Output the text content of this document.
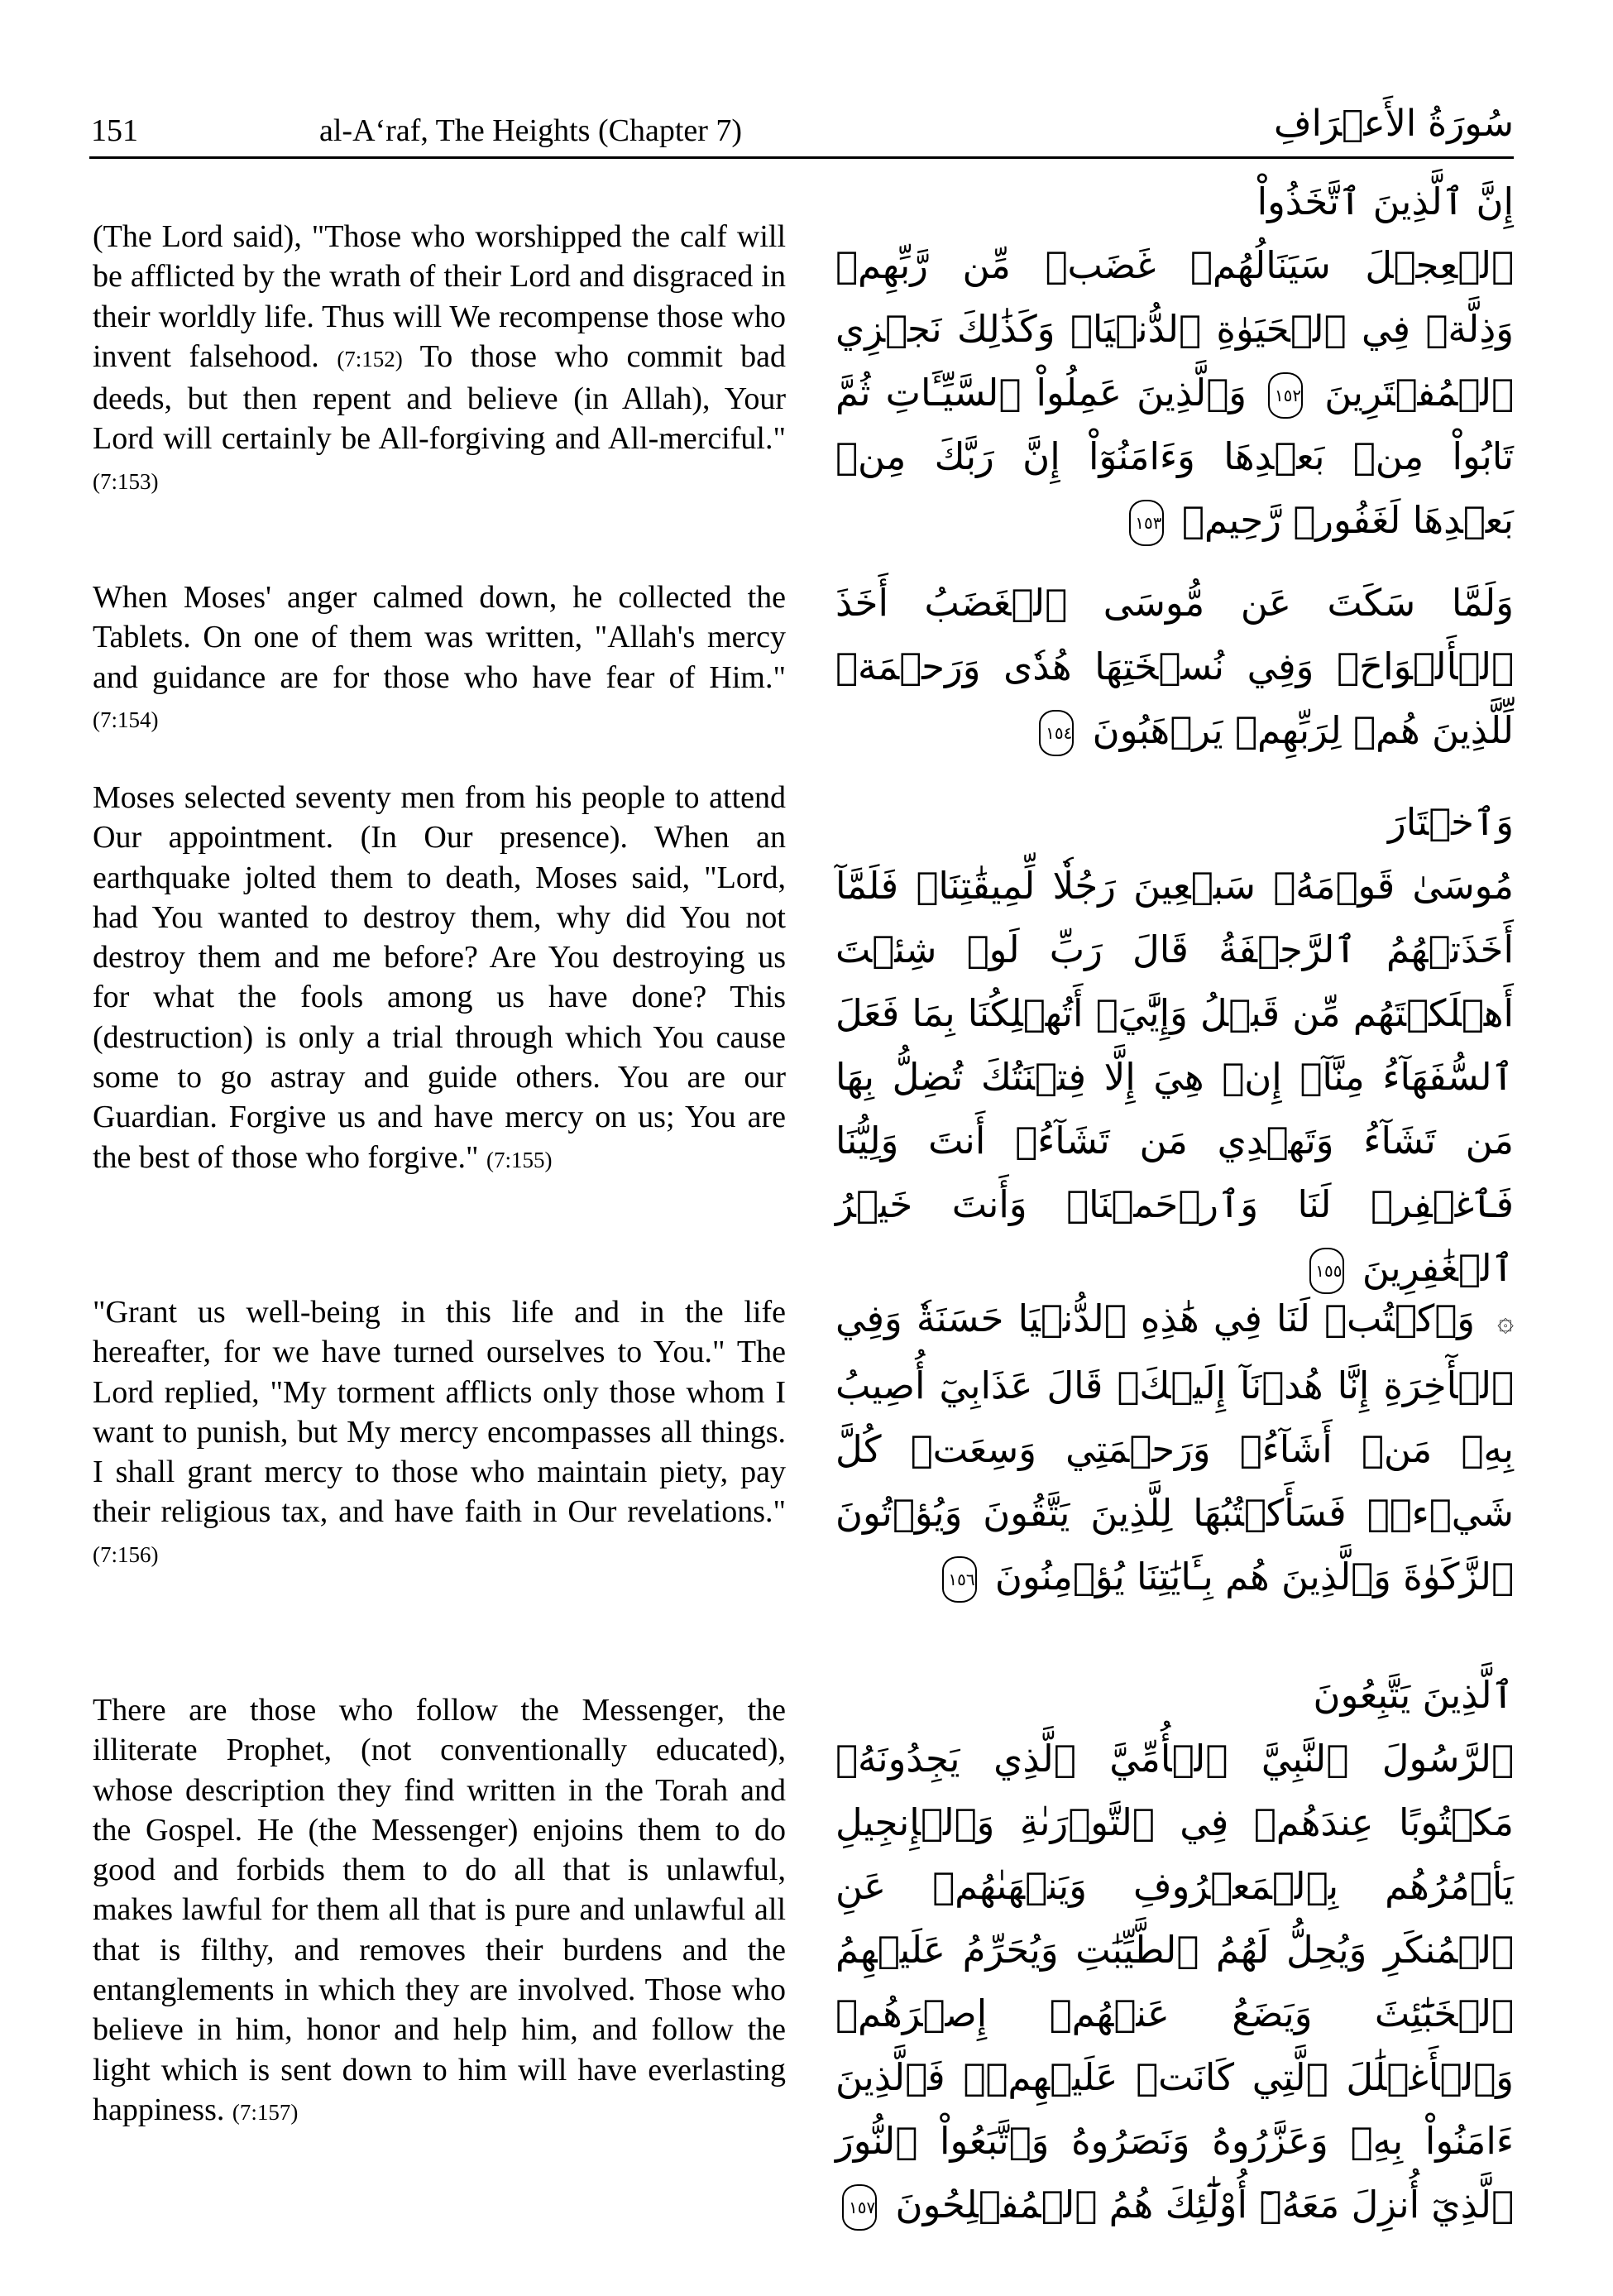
151	al-A‘raf, The Heights (Chapter 7)	سُورَةُ الأَعۡرَافِ
(The Lord said), "Those who worshipped the calf will be afflicted by the wrath of their Lord and disgraced in their worldly life. Thus will We recompense those who invent falsehood. (7:152) To those who commit bad deeds, but then repent and believe (in Allah), Your Lord will certainly be All-forgiving and All-merciful." (7:153)
إِنَّ ٱلَّذِينَ ٱتَّخَذُواْ
ٱلۡعِجۡلَ سَيَنَالُهُمۡ غَضَبٞ مِّن رَّبِّهِمۡ وَذِلَّةٞ فِي ٱلۡحَيَوٰةِ ٱلدُّنۡيَاۚ وَكَذَٰلِكَ نَجۡزِي ٱلۡمُفۡتَرِينَ ١٥٢ وَٱلَّذِينَ عَمِلُواْ ٱلسَّيِّـَٔاتِ ثُمَّ تَابُواْ مِنۢ بَعۡدِهَا وَءَامَنُوٓاْ إِنَّ رَبَّكَ مِنۢ بَعۡدِهَا لَغَفُورٞ رَّحِيمٞ ١٥٣
When Moses' anger calmed down, he collected the Tablets. On one of them was written, "Allah's mercy and guidance are for those who have fear of Him." (7:154)
وَلَمَّا سَكَتَ عَن مُّوسَى ٱلۡغَضَبُ أَخَذَ ٱلۡأَلۡوَاحَۖ وَفِي نُسۡخَتِهَا هُدٗى وَرَحۡمَةٞ لِّلَّذِينَ هُمۡ لِرَبِّهِمۡ يَرۡهَبُونَ ١٥٤
Moses selected seventy men from his people to attend Our appointment. (In Our presence). When an earthquake jolted them to death, Moses said, "Lord, had You wanted to destroy them, why did You not destroy them and me before? Are You destroying us for what the fools among us have done? This (destruction) is only a trial through which You cause some to go astray and guide others. You are our Guardian. Forgive us and have mercy on us; You are the best of those who forgive." (7:155)
وَٱخۡتَارَ
مُوسَىٰ قَوۡمَهُۥ سَبۡعِينَ رَجُلٗا لِّمِيقَٰتِنَاۖ فَلَمَّآ أَخَذَتۡهُمُ ٱلرَّجۡفَةُ قَالَ رَبِّ لَوۡ شِئۡتَ أَهۡلَكۡتَهُم مِّن قَبۡلُ وَإِيَّٰيَۖ أَتُهۡلِكُنَا بِمَا فَعَلَ ٱلسُّفَهَآءُ مِنَّآۖ إِنۡ هِيَ إِلَّا فِتۡنَتُكَ تُضِلُّ بِهَا مَن تَشَآءُ وَتَهۡدِي مَن تَشَآءُۖ أَنتَ وَلِيُّنَا فَٱغۡفِرۡ لَنَا وَٱرۡحَمۡنَاۖ وَأَنتَ خَيۡرُ ٱلۡغَٰفِرِينَ ١٥٥
"Grant us well-being in this life and in the life hereafter, for we have turned ourselves to You." The Lord replied, "My torment afflicts only those whom I want to punish, but My mercy encompasses all things. I shall grant mercy to those who maintain piety, pay their religious tax, and have faith in Our revelations." (7:156)
۞ وَٱكۡتُبۡ لَنَا فِي هَٰذِهِ ٱلدُّنۡيَا حَسَنَةٗ وَفِي ٱلۡأٓخِرَةِ إِنَّا هُدۡنَآ إِلَيۡكَۚ قَالَ عَذَابِيٓ أُصِيبُ بِهِۦ مَنۡ أَشَآءُۖ وَرَحۡمَتِي وَسِعَتۡ كُلَّ شَيۡءٖۚ فَسَأَكۡتُبُهَا لِلَّذِينَ يَتَّقُونَ وَيُؤۡتُونَ ٱلزَّكَوٰةَ وَٱلَّذِينَ هُم بِـَٔايَٰتِنَا يُؤۡمِنُونَ ١٥٦
There are those who follow the Messenger, the illiterate Prophet, (not conventionally educated), whose description they find written in the Torah and the Gospel. He (the Messenger) enjoins them to do good and forbids them to do all that is unlawful, makes lawful for them all that is pure and unlawful all that is filthy, and removes their burdens and the entanglements in which they are involved. Those who believe in him, honor and help him, and follow the light which is sent down to him will have everlasting happiness. (7:157)
ٱلَّذِينَ يَتَّبِعُونَ
ٱلرَّسُولَ ٱلنَّبِيَّ ٱلۡأُمِّيَّ ٱلَّذِي يَجِدُونَهُۥ مَكۡتُوبًا عِندَهُمۡ فِي ٱلتَّوۡرَىٰةِ وَٱلۡإِنجِيلِ يَأۡمُرُهُم بِٱلۡمَعۡرُوفِ وَيَنۡهَىٰهُمۡ عَنِ ٱلۡمُنكَرِ وَيُحِلُّ لَهُمُ ٱلطَّيِّبَٰتِ وَيُحَرِّمُ عَلَيۡهِمُ ٱلۡخَبَٰٓئِثَ وَيَضَعُ عَنۡهُمۡ إِصۡرَهُمۡ وَٱلۡأَغۡلَٰلَ ٱلَّتِي كَانَتۡ عَلَيۡهِمۡۚ فَٱلَّذِينَ ءَامَنُواْ بِهِۦ وَعَزَّرُوهُ وَنَصَرُوهُ وَٱتَّبَعُواْ ٱلنُّورَ ٱلَّذِيٓ أُنزِلَ مَعَهُۥٓ أُوْلَٰٓئِكَ هُمُ ٱلۡمُفۡلِحُونَ ١٥٧
